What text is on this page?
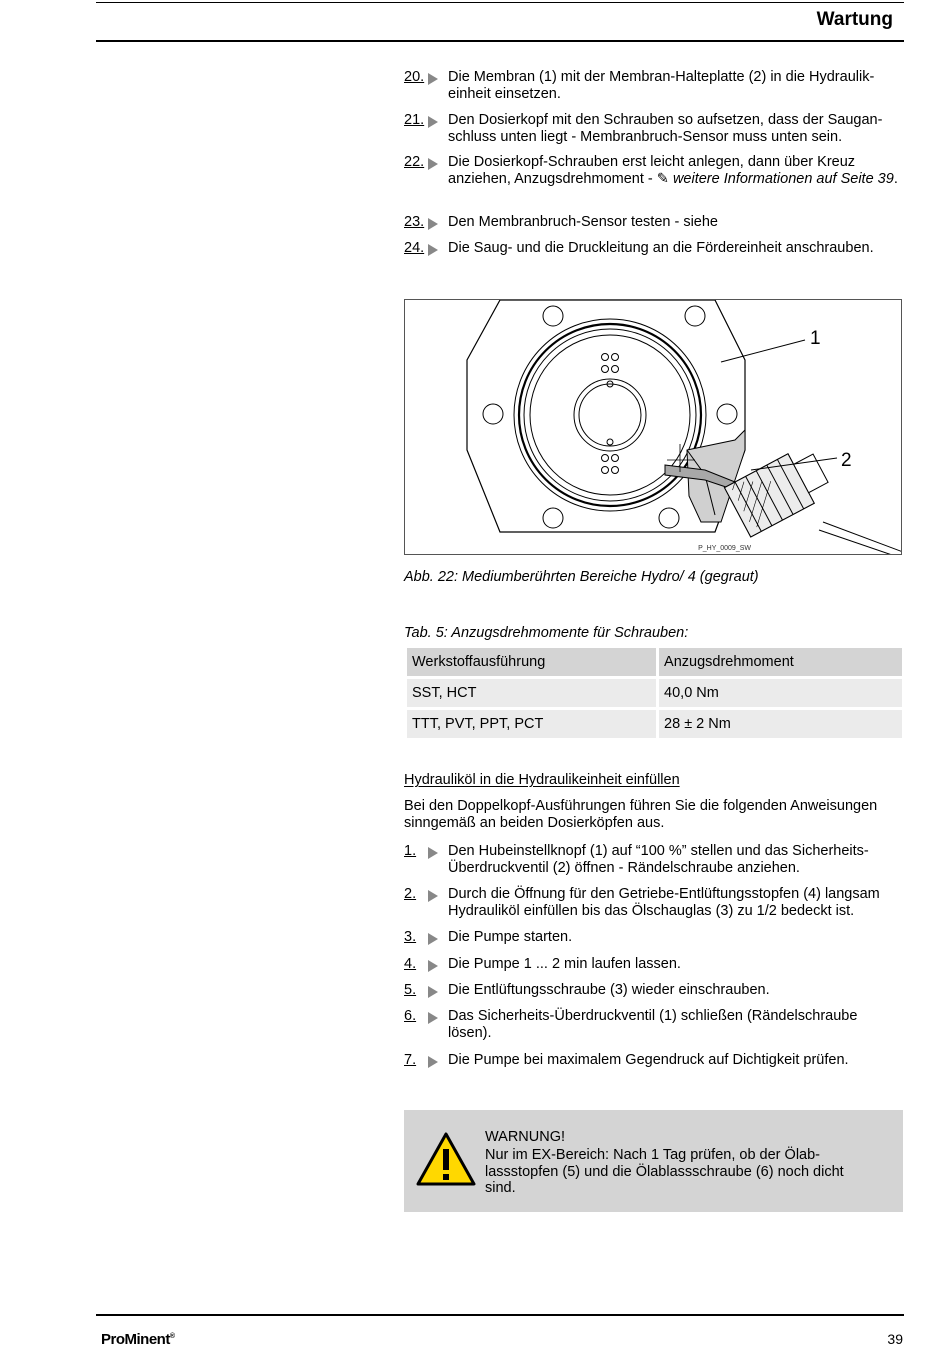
Wartung
20.	Die Membran (1) mit der Membran-Halteplatte (2) in die Hydraulik-einheit einsetzen.
21.	Den Dosierkopf mit den Schrauben so aufsetzen, dass der Saugan-schluss unten liegt - Membranbruch-Sensor muss unten sein.
22.	Die Dosierkopf-Schrauben erst leicht anlegen, dann über Kreuz anziehen, Anzugsdrehmoment - ✎ weitere Informationen auf Seite 39.
23.	Den Membranbruch-Sensor testen - siehe
24.	Die Saug- und die Druckleitung an die Fördereinheit anschrauben.
1
2
P_HY_0009_SW
Abb. 22: Mediumberührten Bereiche Hydro/ 4 (gegraut)
Tab. 5: Anzugsdrehmomente für Schrauben:
Werkstoffausführung	Anzugsdrehmoment
SST, HCT	40,0 Nm
TTT, PVT, PPT, PCT	28 ± 2 Nm
Hydrauliköl in die Hydraulikeinheit einfüllen
Bei den Doppelkopf-Ausführungen führen Sie die folgenden Anweisungen sinngemäß an beiden Dosierköpfen aus.
1.	Den Hubeinstellknopf (1) auf “100 %” stellen und das Sicherheits-Überdruckventil (2) öffnen - Rändelschraube anziehen.
2.	Durch die Öffnung für den Getriebe-Entlüftungsstopfen (4) langsam Hydrauliköl einfüllen bis das Ölschauglas (3) zu 1/2 bedeckt ist.
3.	Die Pumpe starten.
4.	Die Pumpe 1 ... 2 min laufen lassen.
5.	Die Entlüftungsschraube (3) wieder einschrauben.
6.	Das Sicherheits-Überdruckventil (1) schließen (Rändelschraube lösen).
7.	Die Pumpe bei maximalem Gegendruck auf Dichtigkeit prüfen.
WARNUNG!
Nur im EX-Bereich: Nach 1 Tag prüfen, ob der Ölab-lassstopfen (5) und die Ölablassschraube (6) noch dicht sind.
ProMinent®	39
